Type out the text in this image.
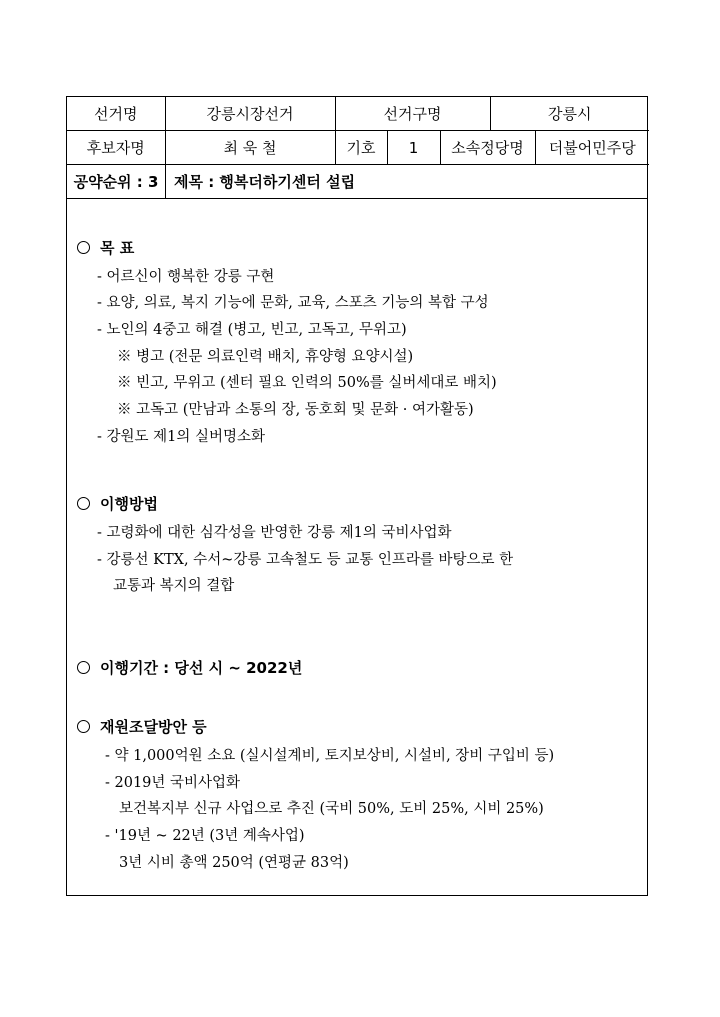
선거명	강릉시장선거	선거구명			강릉시	
후보자명	최 욱 철	기호	1	소속정당명		더불어민주당
공약순위 : 3	제목 : 행복더하기센터 설립
목 표
- 어르신이 행복한 강릉 구현
- 요양, 의료, 복지 기능에 문화, 교육, 스포츠 기능의 복합 구성
- 노인의 4중고 해결 (병고, 빈고, 고독고, 무위고)
※ 병고 (전문 의료인력 배치, 휴양형 요양시설)
※ 빈고, 무위고 (센터 필요 인력의 50%를 실버세대로 배치)
※ 고독고 (만남과 소통의 장, 동호회 및 문화 · 여가활동)
- 강원도 제1의 실버명소화
이행방법
- 고령화에 대한 심각성을 반영한 강릉 제1의 국비사업화
- 강릉선 KTX, 수서~강릉 고속철도 등 교통 인프라를 바탕으로 한
교통과 복지의 결합
이행기간 : 당선 시 ~ 2022년
재원조달방안 등
- 약 1,000억원 소요 (실시설계비, 토지보상비, 시설비, 장비 구입비 등)
- 2019년 국비사업화
보건복지부 신규 사업으로 추진 (국비 50%, 도비 25%, 시비 25%)
- '19년 ~ 22년 (3년 계속사업)
3년 시비 총액 250억 (연평균 83억)
